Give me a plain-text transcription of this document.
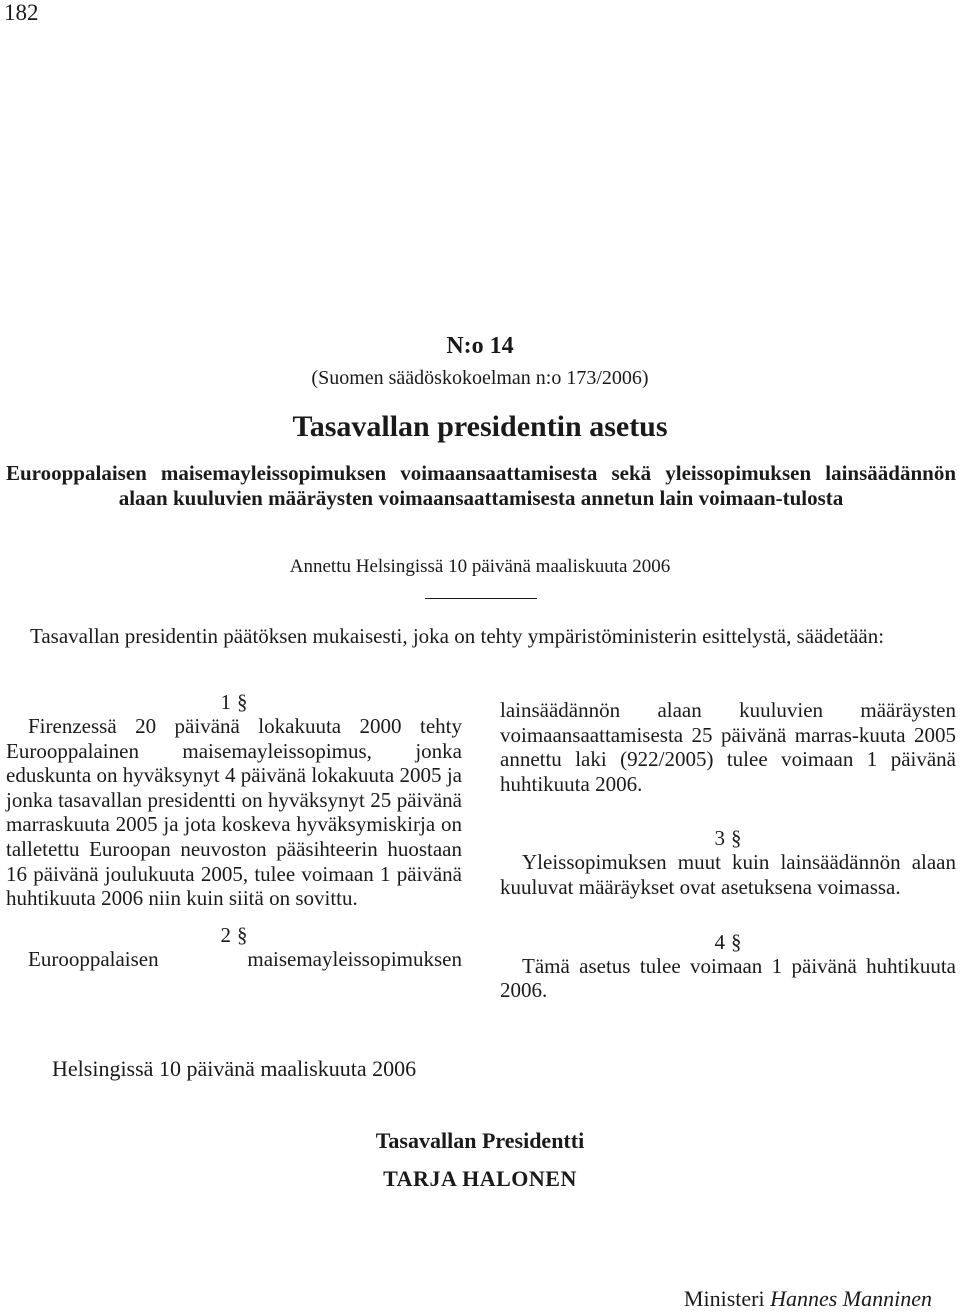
182
N:o 14
(Suomen säädöskokoelman n:o 173/2006)
Tasavallan presidentin asetus
Eurooppalaisen maisemayleissopimuksen voimaansaattamisesta sekä yleissopimuksen lainsäädännön alaan kuuluvien määräysten voimaansaattamisesta annetun lain voimaan-tulosta
Annettu Helsingissä 10 päivänä maaliskuuta 2006
Tasavallan presidentin päätöksen mukaisesti, joka on tehty ympäristöministerin esittelystä, säädetään:
1 §
Firenzessä 20 päivänä lokakuuta 2000 tehty Eurooppalainen maisemayleissopimus, jonka eduskunta on hyväksynyt 4 päivänä lokakuuta 2005 ja jonka tasavallan presidentti on hyväksynyt 25 päivänä marraskuuta 2005 ja jota koskeva hyväksymiskirja on talletettu Euroopan neuvoston pääsihteerin huostaan 16 päivänä joulukuuta 2005, tulee voimaan 1 päivänä huhtikuuta 2006 niin kuin siitä on sovittu.
2 §
Eurooppalaisen maisemayleissopimuksen
lainsäädännön alaan kuuluvien määräysten voimaansaattamisesta 25 päivänä marras-kuuta 2005 annettu laki (922/2005) tulee voimaan 1 päivänä huhtikuuta 2006.
3 §
Yleissopimuksen muut kuin lainsäädännön alaan kuuluvat määräykset ovat asetuksena voimassa.
4 §
Tämä asetus tulee voimaan 1 päivänä huhtikuuta 2006.
Helsingissä 10 päivänä maaliskuuta 2006
Tasavallan Presidentti
TARJA HALONEN
Ministeri Hannes Manninen
